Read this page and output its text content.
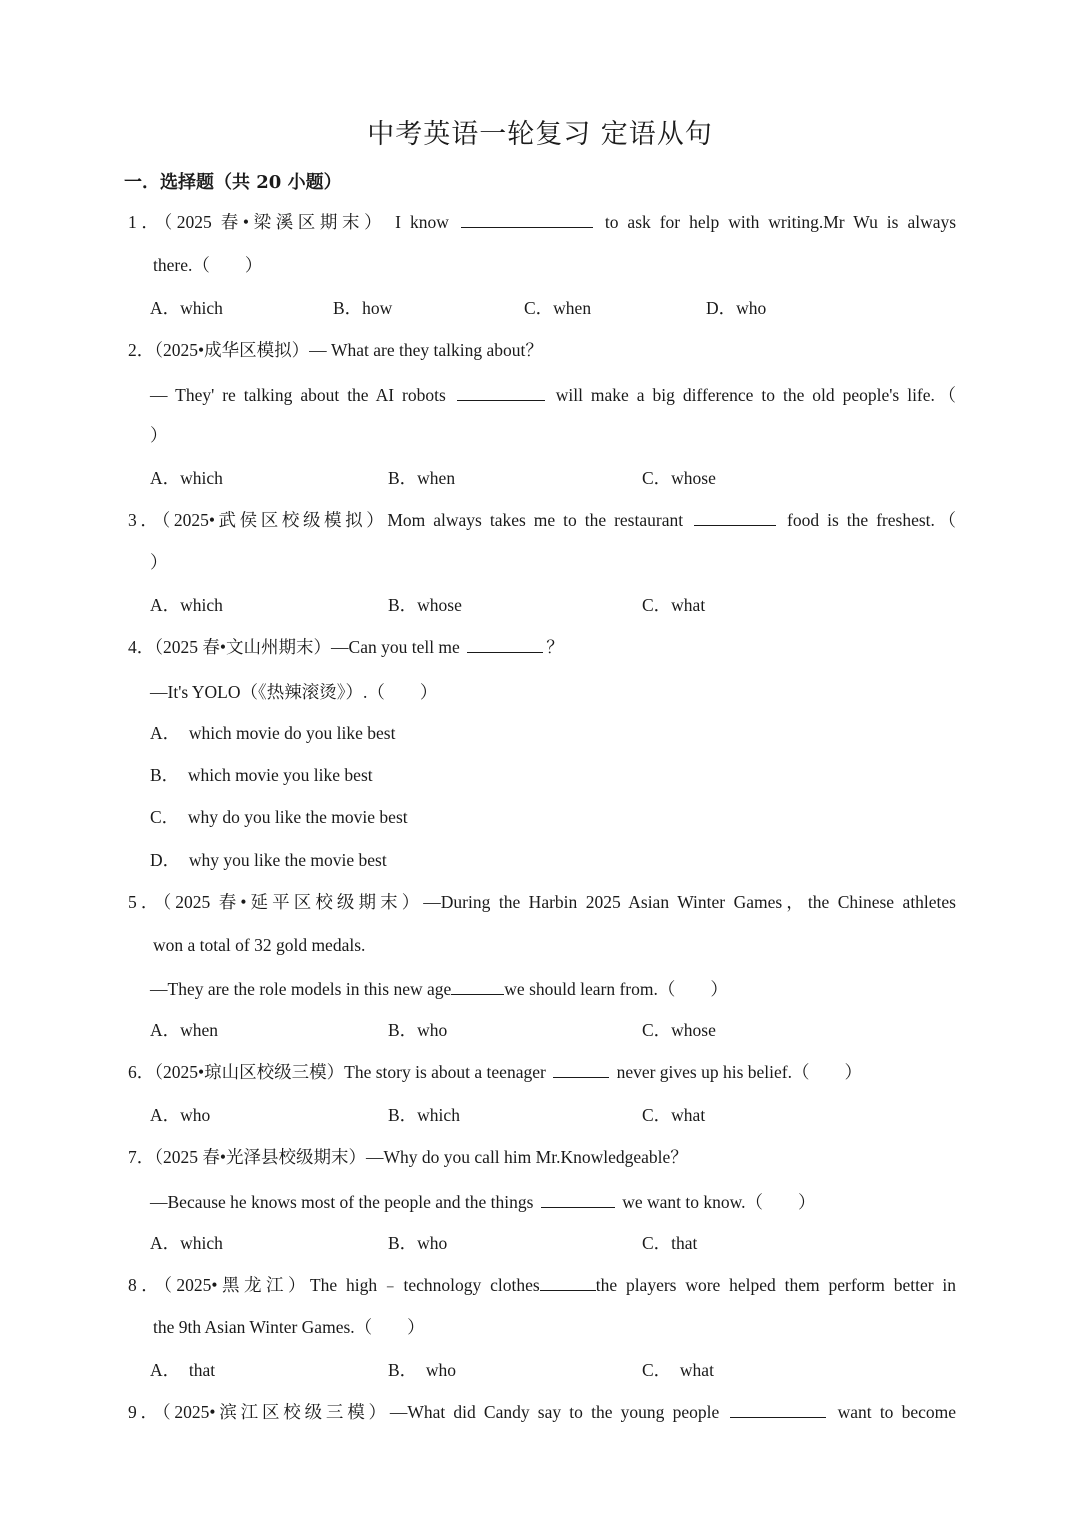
中考英语一轮复习 定语从句
一．选择题（共 20 小题）
1．（2025 春•梁溪区期末） I know	to ask for help with writing.Mr Wu is always
there.（　　）
A．which	B．how	C．when	D．who
2．（2025•成华区模拟）— What are they talking about？
— They' re talking about the AI robots	will make a big difference to the old people's life.（
）
A．which	B．when	C．whose
3．（2025•武侯区校级模拟）Mom always takes me to the restaurant	food is the freshest.（
）
A．which	B．whose	C．what
4．（2025 春•文山州期末）—Can you tell me	？
—It's YOLO（《热辣滚烫》）.（　　）
A．　which movie do you like best
B．　which movie you like best
C．　why do you like the movie best
D．　why you like the movie best
5．（2025 春•延平区校级期末）—During the Harbin 2025 Asian Winter Games，the Chinese athletes
won a total of 32 gold medals.
—They are the role models in this new age	we should learn from.（　　）
A．when	B．who	C．whose
6．（2025•琼山区校级三模）The story is about a teenager	never gives up his belief.（　　）
A．who	B．which	C．what
7．（2025 春•光泽县校级期末）—Why do you call him Mr.Knowledgeable？
—Because he knows most of the people and the things	we want to know.（　　）
A．which	B．who	C．that
8．（2025•黑龙江）The high﹣technology clothes	the players wore helped them perform better in
the 9th Asian Winter Games.（　　）
A．　that	B．　who	C．　what
9．（2025•滨江区校级三模）—What did Candy say to the young people	want to become
